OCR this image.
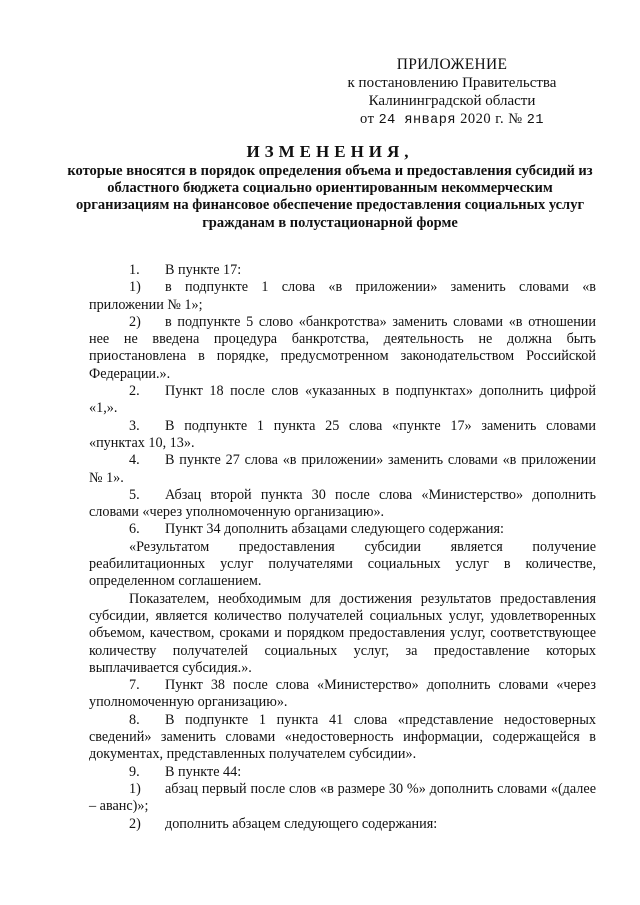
ПРИЛОЖЕНИЕ
к постановлению Правительства
Калининградской области
от 24 января 2020 г. № 21
ИЗМЕНЕНИЯ,
которые вносятся в порядок определения объема и предоставления субсидий из областного бюджета социально ориентированным некоммерческим организациям на финансовое обеспечение предоставления социальных услуг гражданам в полустационарной форме

1. В пункте 17:

1) в подпункте 1 слова «в приложении» заменить словами «в приложении № 1»;

2) в подпункте 5 слово «банкротства» заменить словами «в отношении нее не введена процедура банкротства, деятельность не должна быть приостановлена в порядке, предусмотренном законодательством Российской Федерации.».

2. Пункт 18 после слов «указанных в подпунктах» дополнить цифрой «1,».

3. В подпункте 1 пункта 25 слова «пункте 17» заменить словами «пунктах 10, 13».

4. В пункте 27 слова «в приложении» заменить словами «в приложении № 1».

5. Абзац второй пункта 30 после слова «Министерство» дополнить словами «через уполномоченную организацию».

6. Пункт 34 дополнить абзацами следующего содержания:

«Результатом предоставления субсидии является получение реабилитационных услуг получателями социальных услуг в количестве, определенном соглашением.

Показателем, необходимым для достижения результатов предоставления субсидии, является количество получателей социальных услуг, удовлетворенных объемом, качеством, сроками и порядком предоставления услуг, соответствующее количеству получателей социальных услуг, за предоставление которых выплачивается субсидия.».

7. Пункт 38 после слова «Министерство» дополнить словами «через уполномоченную организацию».

8. В подпункте 1 пункта 41 слова «представление недостоверных сведений» заменить словами «недостоверность информации, содержащейся в документах, представленных получателем субсидии».

9. В пункте 44:

1) абзац первый после слов «в размере 30 %» дополнить словами «(далее – аванс)»;

2) дополнить абзацем следующего содержания:
